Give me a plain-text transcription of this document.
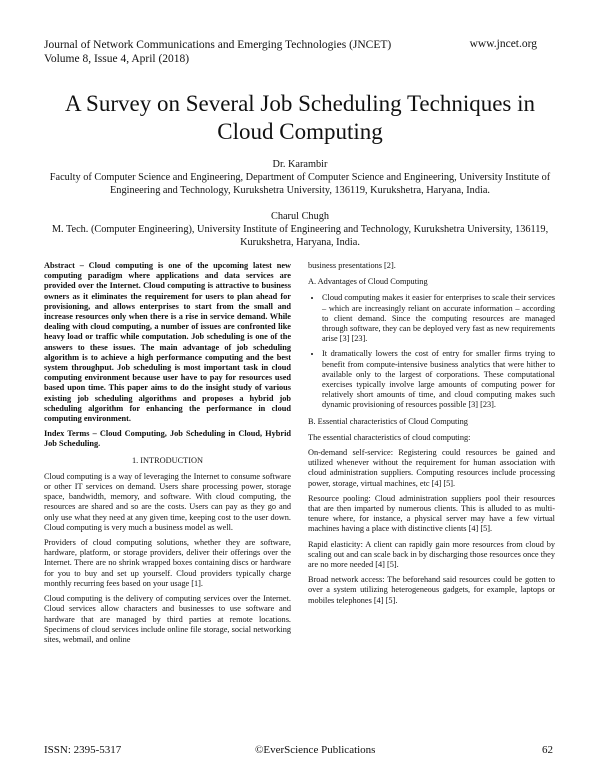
Journal of Network Communications and Emerging Technologies (JNCET)
Volume 8, Issue 4, April (2018)
www.jncet.org
A Survey on Several Job Scheduling Techniques in Cloud Computing
Dr. Karambir
Faculty of Computer Science and Engineering, Department of Computer Science and Engineering, University Institute of Engineering and Technology, Kurukshetra University, 136119, Kurukshetra, Haryana, India.
Charul Chugh
M. Tech. (Computer Engineering), University Institute of Engineering and Technology, Kurukshetra University, 136119, Kurukshetra, Haryana, India.

Abstract – Cloud computing is one of the upcoming latest new computing paradigm where applications and data services are provided over the Internet. Cloud computing is attractive to business owners as it eliminates the requirement for users to plan ahead for provisioning, and allows enterprises to start from the small and increase resources only when there is a rise in service demand. While dealing with cloud computing, a number of issues are confronted like heavy load or traffic while computation. Job scheduling is one of the answers to these issues. The main advantage of job scheduling algorithm is to achieve a high performance computing and the best system throughput. Job scheduling is most important task in cloud computing environment because user have to pay for resources used based upon time. This paper aims to do the insight study of various existing job scheduling algorithms and proposes a hybrid job scheduling algorithm for enhancing the performance in cloud computing environment.

Index Terms – Cloud Computing, Job Scheduling in Cloud, Hybrid Job Scheduling.

1. INTRODUCTION

Cloud computing is a way of leveraging the Internet to consume software or other IT services on demand. Users share processing power, storage space, bandwidth, memory, and software. With cloud computing, the resources are shared and so are the costs. Users can pay as they go and only use what they need at any given time, keeping cost to the user down. Cloud computing is very much a business model as well.

Providers of cloud computing solutions, whether they are software, hardware, platform, or storage providers, deliver their offerings over the Internet. There are no shrink wrapped boxes containing discs or hardware for you to buy and set up yourself. Cloud providers typically charge monthly recurring fees based on your usage [1].

Cloud computing is the delivery of computing services over the Internet. Cloud services allow characters and businesses to use software and hardware that are managed by third parties at remote locations. Specimens of cloud services include online file storage, social networking sites, webmail, and online

business presentations [2].

A. Advantages of Cloud Computing

• Cloud computing makes it easier for enterprises to scale their services – which are increasingly reliant on accurate information – according to client demand. Since the computing resources are managed through software, they can be deployed very fast as new requirements arise [3] [23].
• It dramatically lowers the cost of entry for smaller firms trying to benefit from compute-intensive business analytics that were hither to available only to the largest of corporations. These computational exercises typically involve large amounts of computing power for relatively short amounts of time, and cloud computing makes such dynamic provisioning of resources possible [3] [23].

B. Essential characteristics of Cloud Computing

The essential characteristics of cloud computing:

On-demand self-service: Registering could resources be gained and utilized whenever without the requirement for human association with cloud administration suppliers. Computing resources include processing power, storage, virtual machines, etc [4] [5].

Resource pooling: Cloud administration suppliers pool their resources that are then imparted by numerous clients. This is alluded to as multi-tenure where, for instance, a physical server may have a few virtual machines having a place with distinctive clients [4] [5].

Rapid elasticity: A client can rapidly gain more resources from cloud by scaling out and can scale back in by discharging those resources once they are no more needed [4] [5].

Broad network access: The beforehand said resources could be gotten to over a system utilizing heterogeneous gadgets, for example, laptops or mobiles telephones [4] [5].

ISSN: 2395-5317	©EverScience Publications	62
